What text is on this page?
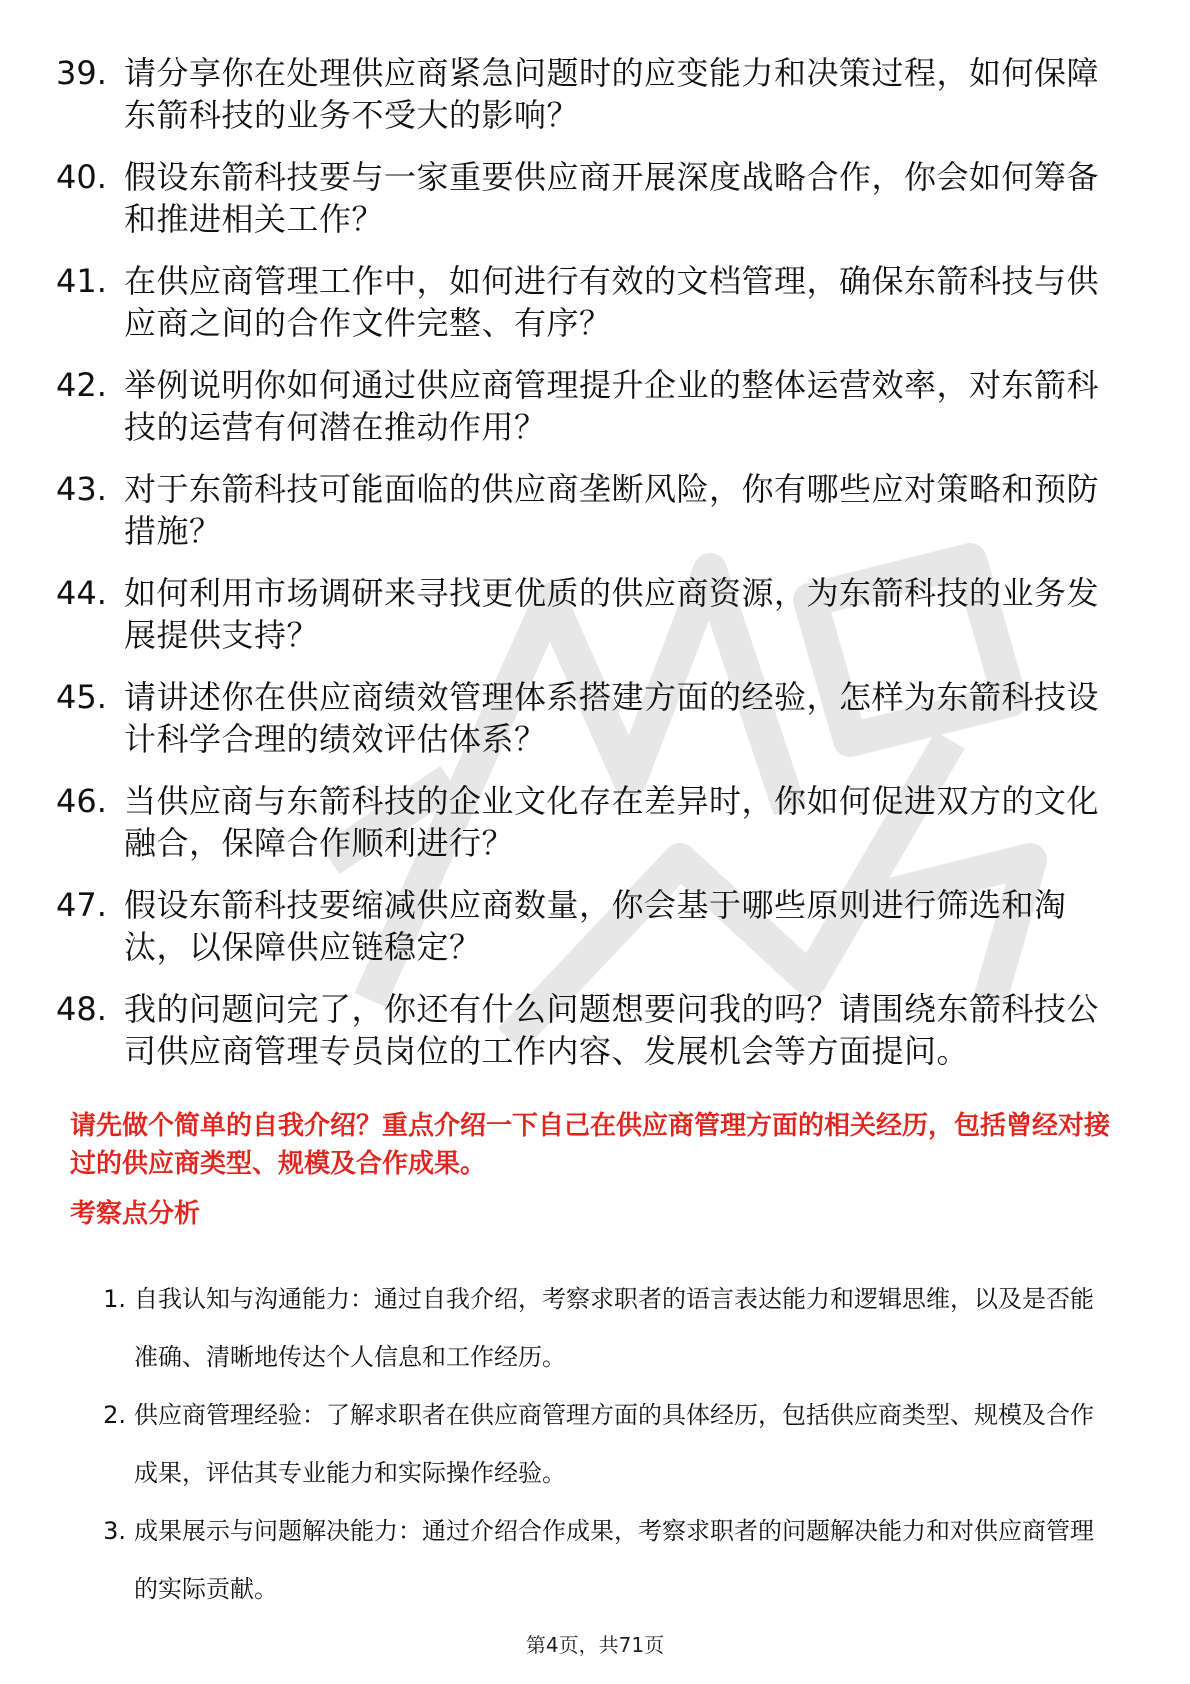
39. 请分享你在处理供应商紧急问题时的应变能力和决策过程，如何保障东箭科技的业务不受大的影响？
40. 假设东箭科技要与一家重要供应商开展深度战略合作，你会如何筹备和推进相关工作？
41. 在供应商管理工作中，如何进行有效的文档管理，确保东箭科技与供应商之间的合作文件完整、有序？
42. 举例说明你如何通过供应商管理提升企业的整体运营效率，对东箭科技的运营有何潜在推动作用？
43. 对于东箭科技可能面临的供应商垄断风险，你有哪些应对策略和预防措施？
44. 如何利用市场调研来寻找更优质的供应商资源，为东箭科技的业务发展提供支持？
45. 请讲述你在供应商绩效管理体系搭建方面的经验，怎样为东箭科技设计科学合理的绩效评估体系？
46. 当供应商与东箭科技的企业文化存在差异时，你如何促进双方的文化融合，保障合作顺利进行？
47. 假设东箭科技要缩减供应商数量，你会基于哪些原则进行筛选和淘汰，以保障供应链稳定？
48. 我的问题问完了，你还有什么问题想要问我的吗？请围绕东箭科技公司供应商管理专员岗位的工作内容、发展机会等方面提问。
请先做个简单的自我介绍？重点介绍一下自己在供应商管理方面的相关经历，包括曾经对接过的供应商类型、规模及合作成果。
考察点分析
1. 自我认知与沟通能力：通过自我介绍，考察求职者的语言表达能力和逻辑思维，以及是否能准确、清晰地传达个人信息和工作经历。
2. 供应商管理经验：了解求职者在供应商管理方面的具体经历，包括供应商类型、规模及合作成果，评估其专业能力和实际操作经验。
3. 成果展示与问题解决能力：通过介绍合作成果，考察求职者的问题解决能力和对供应商管理的实际贡献。
第4页，共71页
